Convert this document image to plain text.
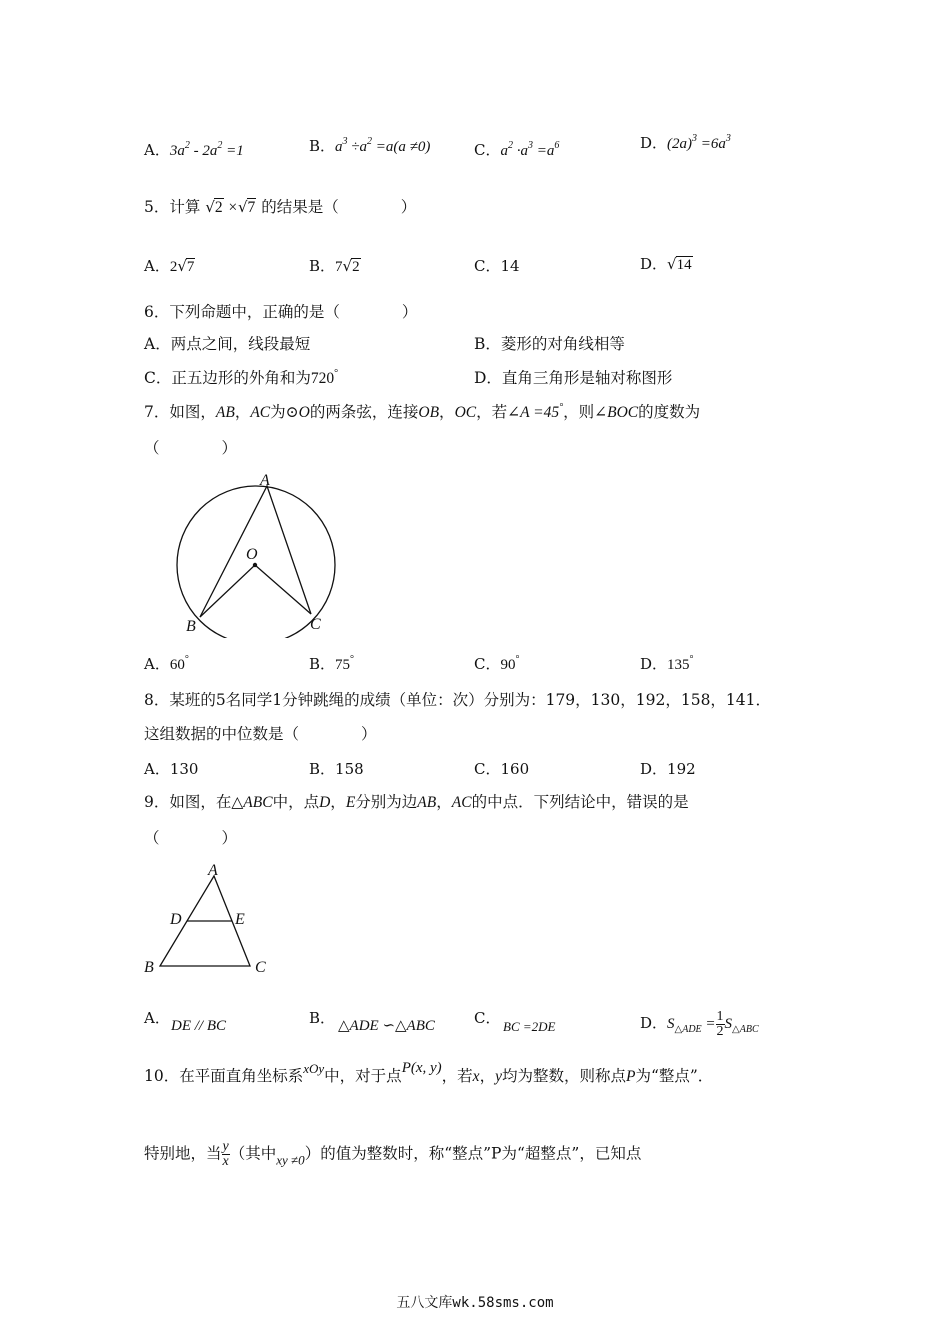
A．$3a^2 - 2a^2 =1$	B．$a^3 \div a^2 =a(a \ne 0)$	C．$a^2 \cdot a^3 =a^6$	D．$(2a)^3 =6a^3$
5．计算 √2 ×√7 的结果是（　　　　）
A．2√7	B．7√2	C．14	D．√14
6．下列命题中，正确的是（　　　　）
A．两点之间，线段最短	B．菱形的对角线相等
C．正五边形的外角和为720°	D．直角三角形是轴对称图形
7．如图，AB，AC为⊙O的两条弦，连接OB，OC，若∠A =45°，则∠BOC的度数为
（　　　　）
A
O
B	C
A．60°	B．75°	C．90°	D．135°
8．某班的5名同学1分钟跳绳的成绩（单位：次）分别为：179，130，192，158，141．
这组数据的中位数是（　　　　）
A．130	B．158	C．160	D．192
9．如图，在△ABC中，点D，E分别为边AB，AC的中点．下列结论中，错误的是
（　　　　）
A
D	E
B	C
A． DE // BC	B． △ADE ∽△ABC	C． BC =2DE	D．$S_{\triangle ADE} = \frac{1}{2} S_{\triangle ABC}$
10．在平面直角坐标系$^{xOy}$中，对于点$^{P(x, y)}$，若x，y均为整数，则称点P为“整点”．
特别地，当 $\frac{y}{x}$ （其中$_{xy \ne 0}$）的值为整数时，称“整点”P为“超整点”，已知点
五八文库wk.58sms.com
